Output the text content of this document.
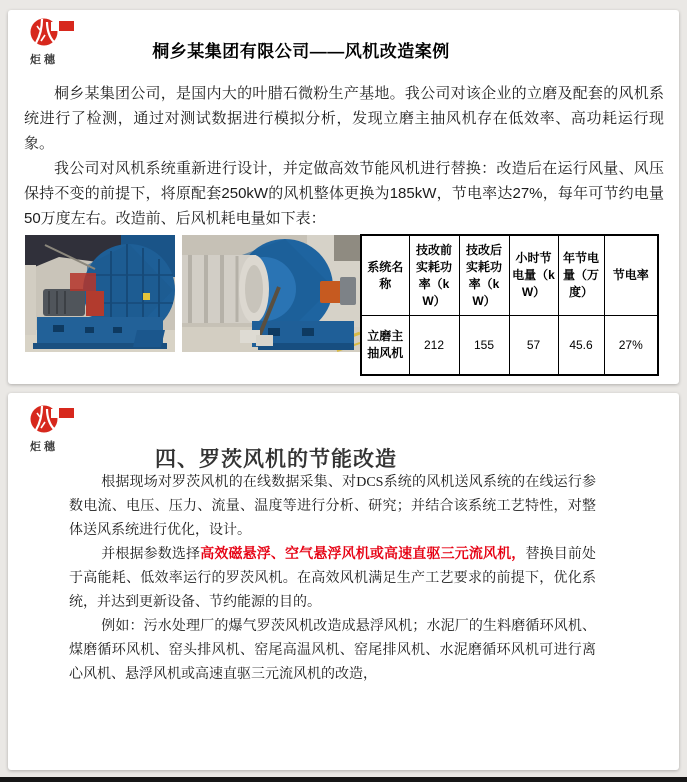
炬穗	桐乡某集团有限公司——风机改造案例

桐乡某集团公司，是国内大的叶腊石微粉生产基地。我公司对该企业的立磨及配套的风机系统进行了检测，通过对测试数据进行模拟分析，发现立磨主抽风机存在低效率、高功耗运行现象。

我公司对风机系统重新进行设计，并定做高效节能风机进行替换：改造后在运行风量、风压保持不变的前提下，将原配套250kW的风机整体更换为185kW，节电率达27%，每年可节约电量50万度左右。改造前、后风机耗电量如下表：

系统名称	技改前实耗功率（kW）	技改后实耗功率（kW）	小时节电量（kW）	年节电量（万度）	节电率
立磨主抽风机	212	155	57	45.6	27%
炬穗	四、罗茨风机的节能改造

根据现场对罗茨风机的在线数据采集、对DCS系统的风机送风系统的在线运行参数电流、电压、压力、流量、温度等进行分析、研究；并结合该系统工艺特性，对整体送风系统进行优化，设计。

并根据参数选择高效磁悬浮、空气悬浮风机或高速直驱三元流风机，替换目前处于高能耗、低效率运行的罗茨风机。在高效风机满足生产工艺要求的前提下，优化系统，并达到更新设备、节约能源的目的。

例如：污水处理厂的爆气罗茨风机改造成悬浮风机；水泥厂的生料磨循环风机、煤磨循环风机、窑头排风机、窑尾高温风机、窑尾排风机、水泥磨循环风机可进行离心风机、悬浮风机或高速直驱三元流风机的改造，
